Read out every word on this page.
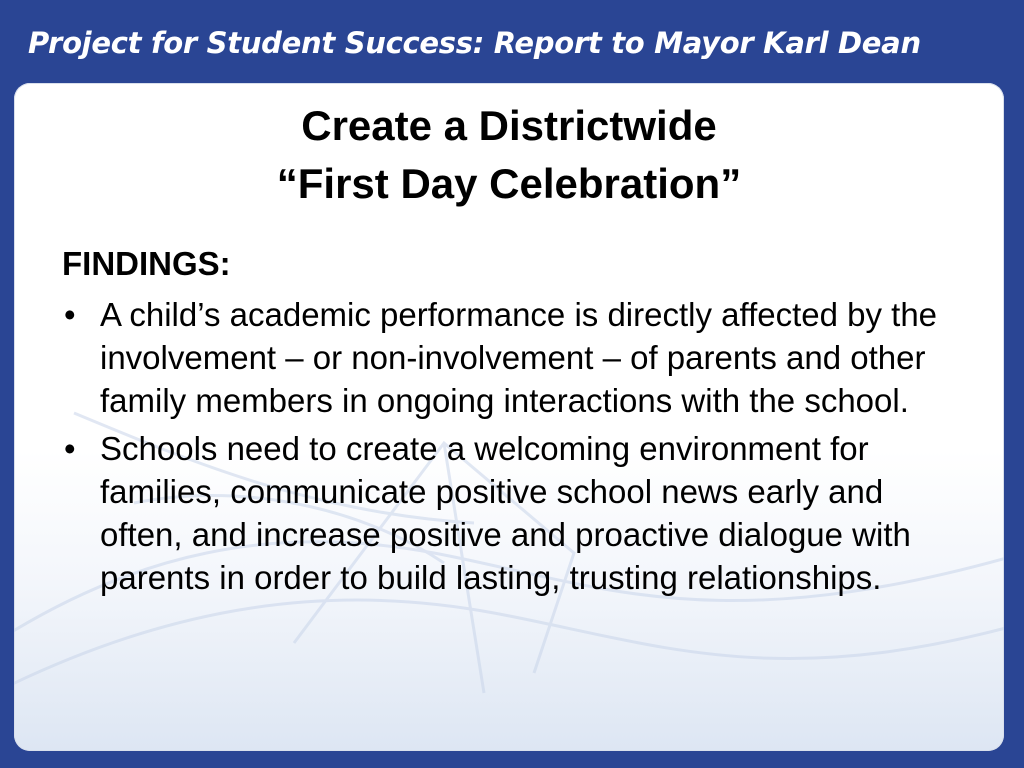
Project for Student Success: Report to Mayor Karl Dean
Create a Districtwide
“First Day Celebration”
FINDINGS:
• A child’s academic performance is directly affected by the involvement – or non-involvement – of parents and other family members in ongoing interactions with the school.
• Schools need to create a welcoming environment for families, communicate positive school news early and often, and increase positive and proactive dialogue with parents in order to build lasting, trusting relationships.
